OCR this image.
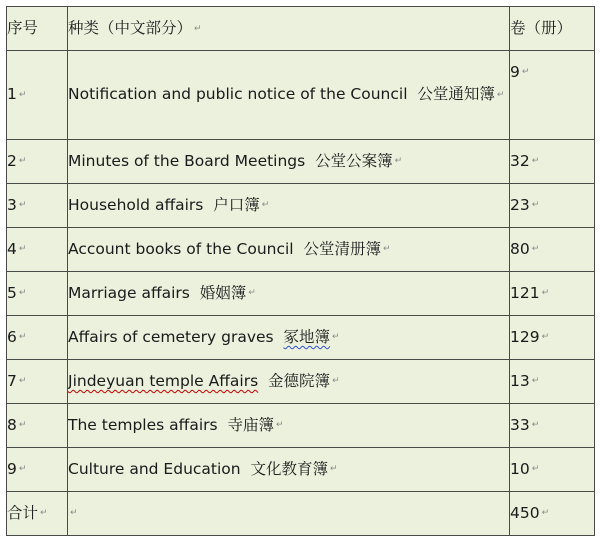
序号	种类（中文部分） ↵	卷（册）
1 ↵	Notification and public notice of the Council 公堂通知簿 ↵	9 ↵
2 ↵	Minutes of the Board Meetings 公堂公案簿 ↵	32 ↵
3 ↵	Household affairs 户口簿 ↵	23 ↵
4 ↵	Account books of the Council 公堂清册簿 ↵	80 ↵
5 ↵	Marriage affairs 婚姻簿 ↵	121 ↵
6 ↵	Affairs of cemetery graves 冢地簿 ↵	129 ↵
7 ↵	Jindeyuan temple Affairs 金德院簿 ↵	13 ↵
8 ↵	The temples affairs 寺庙簿 ↵	33 ↵
9 ↵	Culture and Education 文化教育簿 ↵	10 ↵
合计 ↵	↵	450 ↵
